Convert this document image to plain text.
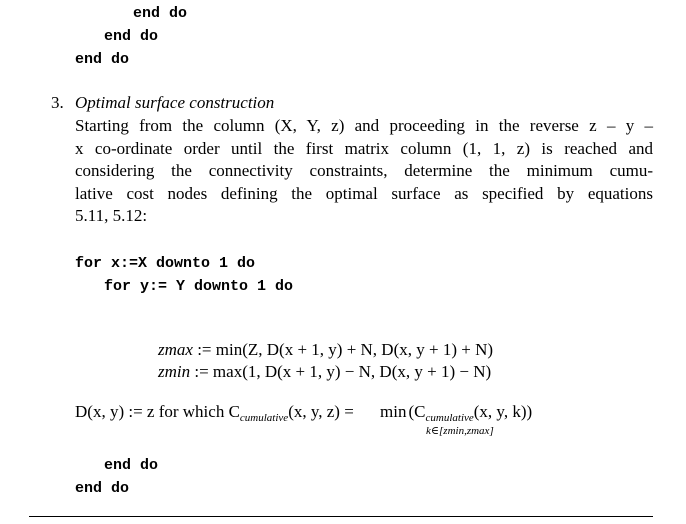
end do
end do
end do
3. Optimal surface construction
Starting from the column (X, Y, z) and proceeding in the reverse z – y –
x co-ordinate order until the first matrix column (1, 1, z) is reached and
considering the connectivity constraints, determine the minimum cumu-
lative cost nodes defining the optimal surface as specified by equations
5.11, 5.12:
for x:=X downto 1 do
for y:= Y downto 1 do
zmax := min(Z, D(x + 1, y) + N, D(x, y + 1) + N)
zmin := max(1, D(x + 1, y) − N, D(x, y + 1) − N)
D(x, y) := z for which $C_{cumulative}(x$, y, $z) = \min (C_{cumulative}(x$, y, k))
k∈[zmin,zmax]
end do
end do
